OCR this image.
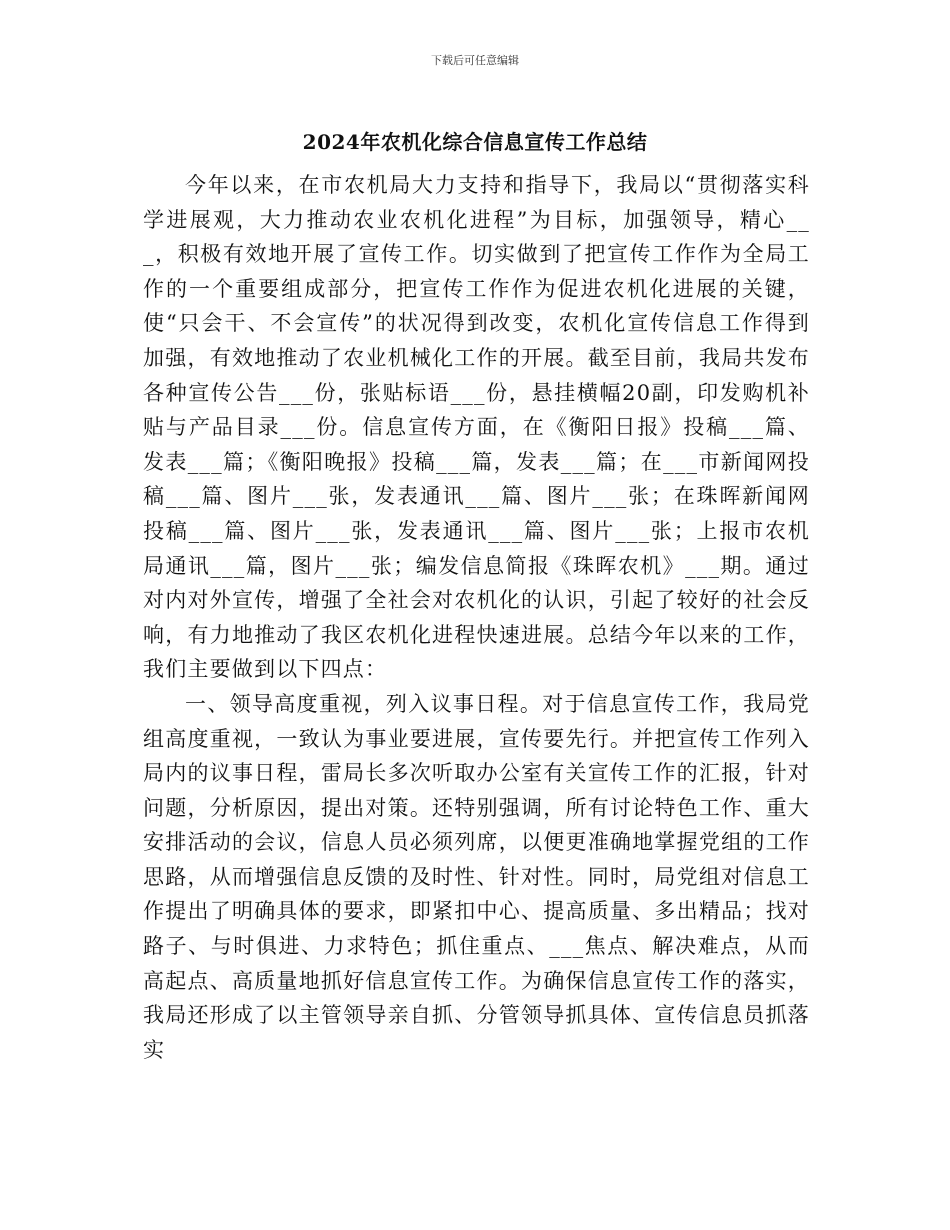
下载后可任意编辑
2024年农机化综合信息宣传工作总结

今年以来，在市农机局大力支持和指导下，我局以“贯彻落实科学进展观，大力推动农业农机化进程”为目标，加强领导，精心___，积极有效地开展了宣传工作。切实做到了把宣传工作作为全局工作的一个重要组成部分，把宣传工作作为促进农机化进展的关键，使“只会干、不会宣传”的状况得到改变，农机化宣传信息工作得到加强，有效地推动了农业机械化工作的开展。截至目前，我局共发布各种宣传公告___份，张贴标语___份，悬挂横幅20副，印发购机补贴与产品目录___份。信息宣传方面，在《衡阳日报》投稿___篇、发表___篇；《衡阳晚报》投稿___篇，发表___篇；在___市新闻网投稿___篇、图片___张，发表通讯___篇、图片___张；在珠晖新闻网投稿___篇、图片___张，发表通讯___篇、图片___张；上报市农机局通讯___篇，图片___张；编发信息简报《珠晖农机》___期。通过对内对外宣传，增强了全社会对农机化的认识，引起了较好的社会反响，有力地推动了我区农机化进程快速进展。总结今年以来的工作，我们主要做到以下四点：

一、领导高度重视，列入议事日程。对于信息宣传工作，我局党组高度重视，一致认为事业要进展，宣传要先行。并把宣传工作列入局内的议事日程，雷局长多次听取办公室有关宣传工作的汇报，针对问题，分析原因，提出对策。还特别强调，所有讨论特色工作、重大安排活动的会议，信息人员必须列席，以便更准确地掌握党组的工作思路，从而增强信息反馈的及时性、针对性。同时，局党组对信息工作提出了明确具体的要求，即紧扣中心、提高质量、多出精品；找对路子、与时俱进、力求特色；抓住重点、___焦点、解决难点，从而高起点、高质量地抓好信息宣传工作。为确保信息宣传工作的落实，我局还形成了以主管领导亲自抓、分管领导抓具体、宣传信息员抓落实
